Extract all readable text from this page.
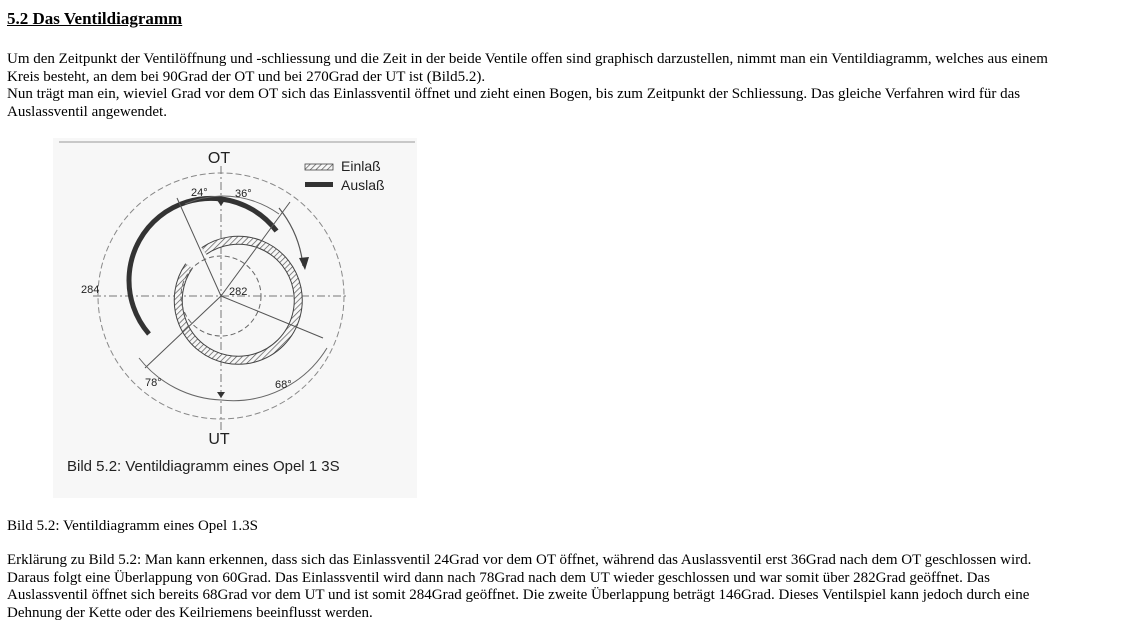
5.2 Das Ventildiagramm
Um den Zeitpunkt der Ventilöffnung und -schliessung und die Zeit in der beide Ventile offen sind graphisch darzustellen, nimmt man ein Ventildiagramm, welches aus einem
Kreis besteht, an dem bei 90Grad der OT und bei 270Grad der UT ist (Bild5.2).
Nun trägt man ein, wieviel Grad vor dem OT sich das Einlassventil öffnet und zieht einen Bogen, bis zum Zeitpunkt der Schliessung. Das gleiche Verfahren wird für das
Auslassventil angewendet.
OT
UT
Einlaß
Auslaß
24° 36°
284	282
78°	68°
Bild 5.2: Ventildiagramm eines Opel 1 3S
Bild 5.2: Ventildiagramm eines Opel 1.3S
Erklärung zu Bild 5.2: Man kann erkennen, dass sich das Einlassventil 24Grad vor dem OT öffnet, während das Auslassventil erst 36Grad nach dem OT geschlossen wird.
Daraus folgt eine Überlappung von 60Grad. Das Einlassventil wird dann nach 78Grad nach dem UT wieder geschlossen und war somit über 282Grad geöffnet. Das
Auslassventil öffnet sich bereits 68Grad vor dem UT und ist somit 284Grad geöffnet. Die zweite Überlappung beträgt 146Grad. Dieses Ventilspiel kann jedoch durch eine
Dehnung der Kette oder des Keilriemens beeinflusst werden.
